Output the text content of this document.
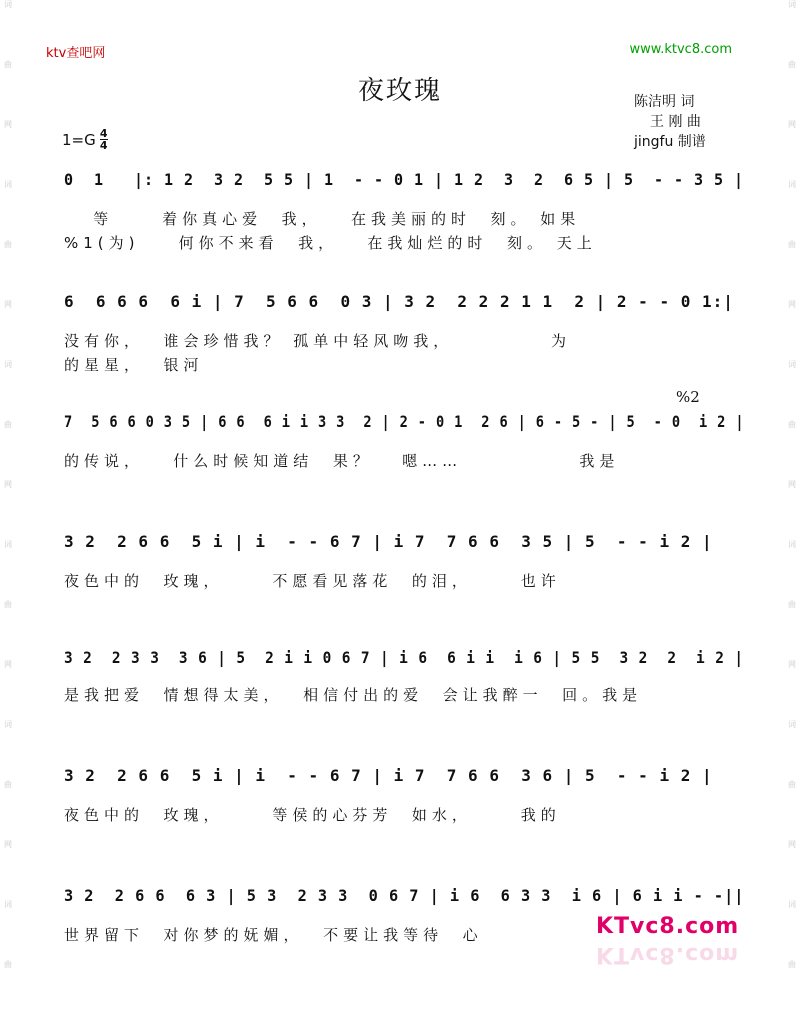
词
曲
网
词
曲
网
词
曲
网
词
曲
网
词
曲
网
词
曲
词
曲
网
词
曲
网
词
曲
网
词
曲
网
词
曲
网
词
曲
ktv查吧网	www.ktvc8.com
夜玫瑰	陈洁明 词
王 刚 曲
jingfu 制谱
1=G 4
4
0  1   |: 1 2  3 2  5 5 | 1  - - 0 1 | 1 2  3  2  6 5 | 5  - - 3 5 |
等     着你真心爱  我，   在我美丽的时  刻。 如果
%1(为)    何你不来看  我，   在我灿烂的时  刻。 天上
6  6 6 6  6 i | 7  5 6 6  0 3 | 3 2  2 2 2 1 1  2 | 2 - - 0 1:|
没有你，  谁会珍惜我？ 孤单中轻风吻我，          为
的星星，  银河
%2
7  5 6 6 0 3 5 | 6 6  6 i i 3 3  2 | 2 - 0 1  2 6 | 6 - 5 - | 5  - 0  i 2 |
的传说，   什么时候知道结  果？   嗯……            我是
3 2  2 6 6  5 i | i  - - 6 7 | i 7  7 6 6  3 5 | 5  - - i 2 |
夜色中的  玫瑰，     不愿看见落花  的泪，     也许
3 2  2 3 3  3 6 | 5  2 i i 0 6 7 | i 6  6 i i  i 6 | 5 5  3 2  2  i 2 |
是我把爱  情想得太美，  相信付出的爱  会让我醉一  回。我是
3 2  2 6 6  5 i | i  - - 6 7 | i 7  7 6 6  3 6 | 5  - - i 2 |
夜色中的  玫瑰，     等侯的心芬芳  如水，     我的
3 2  2 6 6  6 3 | 5 3  2 3 3  0 6 7 | i 6  6 3 3  i 6 | 6 i i - -||
世界留下  对你梦的妩媚，  不要让我等待  心	KTvc8.com
KTvc8.com
